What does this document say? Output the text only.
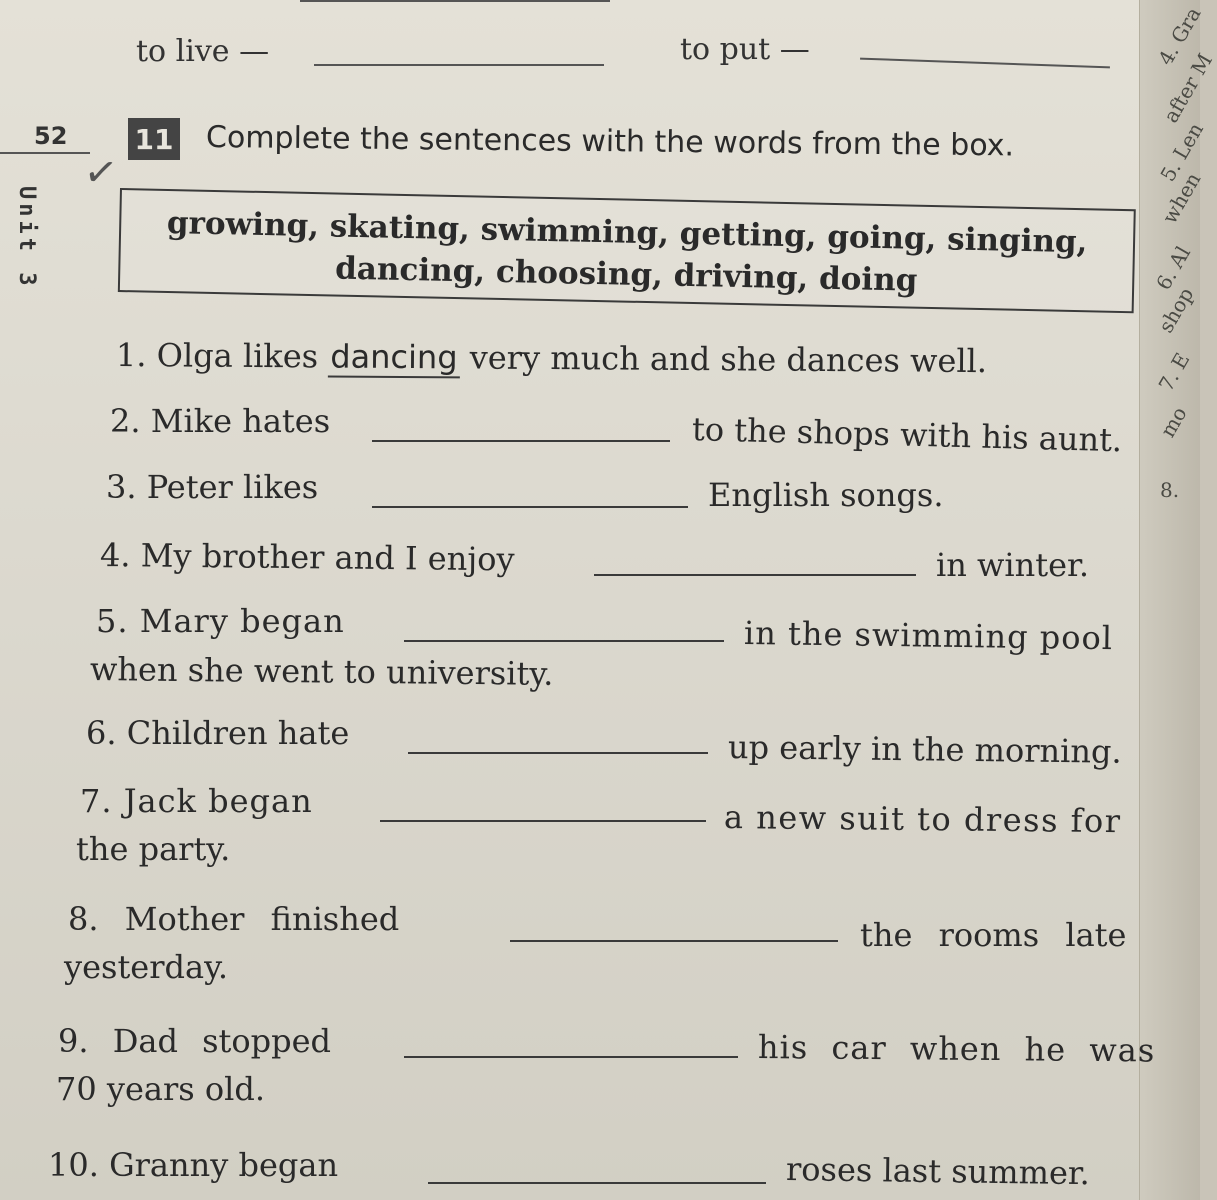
4. Gra
after M
5. Len
when
6. Al
shop
7. E
mo
8.
to live —	to put —
52
Unit 3
✓
11 Complete the sentences with the words from the box.
growing, skating, swimming, getting, going, singing,
dancing, choosing, driving, doing

1. Olga likes dancing very much and she dances well.
2. Mike hates	to the shops with his aunt.
3. Peter likes	English songs.
4. My brother and I enjoy	in winter.
5. Mary began	in the swimming pool
when she went to university.
6. Children hate	up early in the morning.
7. Jack began	a new suit to dress for
the party.
8. Mother finished	the rooms late
yesterday.
9. Dad stopped	his car when he was
70 years old.
10. Granny began	roses last summer.
